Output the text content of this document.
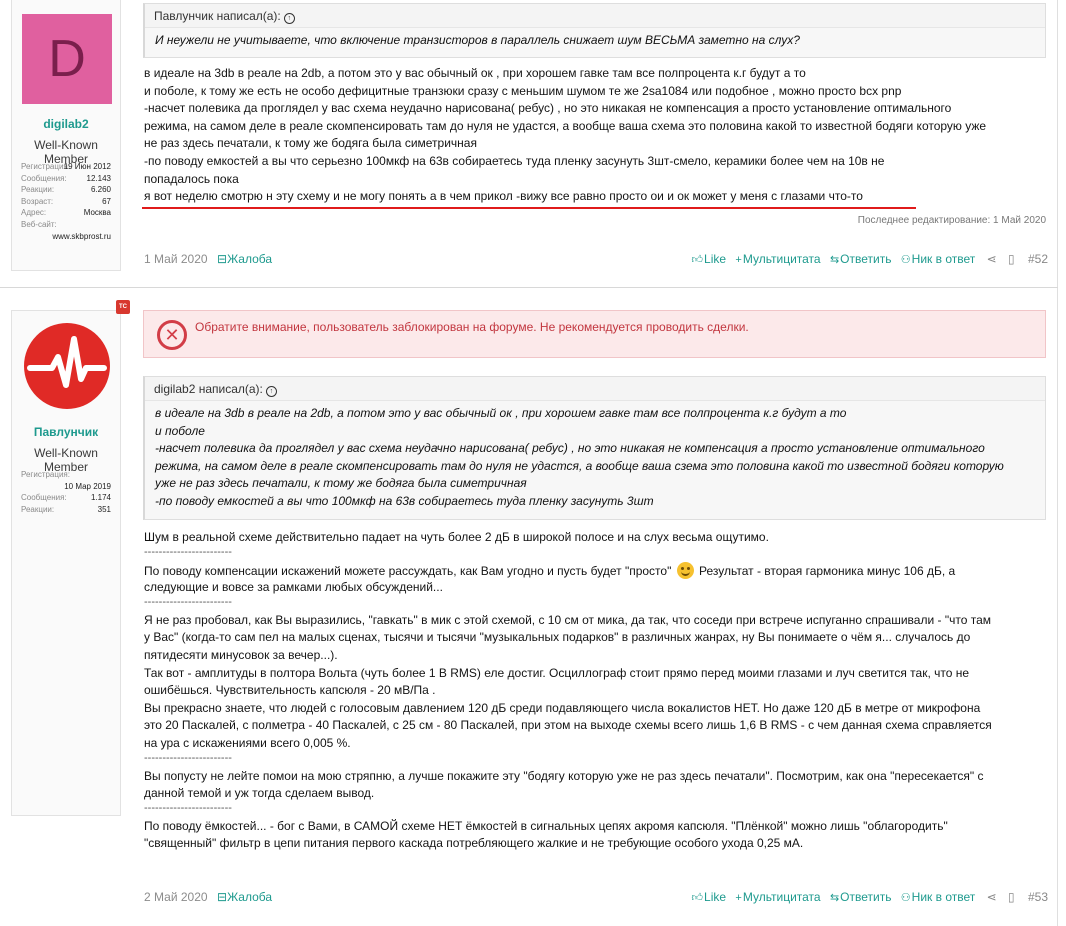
D
digilab2
Well-Known Member
Регистрация:
19 Июн 2012
Сообщения: 12.143
Реакции:	6.260
Возраст:	67
Адрес:	Москва
Веб-сайт:
www.skbprost.ru
Павлунчик написал(а): ↑
И неужели не учитываете, что включение транзисторов в параллель снижает шум ВЕСЬМА заметно на слух?
в идеале на 3db в реале на 2db, а потом это у вас обычный ок , при хорошем гавке там все полпроцента к.г будут а то
и поболе, к тому же есть не особо дефицитные транзюки сразу с меньшим шумом те же 2sa1084 или подобное , можно просто bcx pnp
-насчет полевика да проглядел у вас схема неудачно нарисована( ребус) , но это никакая не компенсация а просто установление оптимального
режима, на самом деле в реале скомпенсировать там до нуля не удастся, а вообще ваша схема это половина какой то известной бодяги которую уже
не раз здесь печатали, к тому же бодяга была симетричная
-по поводу емкостей а вы что серьезно 100мкф на 63в собираетесь туда пленку засунуть 3шт-смело, керамики более чем на 10в не
попадалось пока
я вот неделю смотрю н эту схему и не могу понять а в чем прикол -вижу все равно просто ои и ок может у меня с глазами что-то
Последнее редактирование: 1 Май 2020
1 Май 2020 ⊟Жалоба	👍︎Like +Мультицитата ⇆Ответить ⚇Ник в ответ ⋖ ▯ #52
Павлунчик
Well-Known Member
Регистрация:
10 Мар 2019
Сообщения:	1.174
Реакции:	351
TC
✕	Обратите внимание, пользователь заблокирован на форуме. Не рекомендуется проводить сделки.
digilab2 написал(а): ↑
в идеале на 3db в реале на 2db, а потом это у вас обычный ок , при хорошем гавке там все полпроцента к.г будут а то
и поболе
-насчет полевика да проглядел у вас схема неудачно нарисована( ребус) , но это никакая не компенсация а просто установление оптимального
режима, на самом деле в реале скомпенсировать там до нуля не удастся, а вообще ваша сзема это половина какой то известной бодяги которую
уже не раз здесь печатали, к тому же бодяга была симетричная
-по поводу емкостей а вы что 100мкф на 63в собираетесь туда пленку засунуть 3шт
Шум в реальной схеме действительно падает на чуть более 2 дБ в широкой полосе и на слух весьма ощутимо.
------------------------
По поводу компенсации искажений можете рассуждать, как Вам угодно и пусть будет "просто" Результат - вторая гармоника минус 106 дБ, а
следующие и вовсе за рамками любых обсуждений...
------------------------
Я не раз пробовал, как Вы выразились, "гавкать" в мик с этой схемой, с 10 см от мика, да так, что соседи при встрече испуганно спрашивали - "что там
у Вас" (когда-то сам пел на малых сценах, тысячи и тысячи "музыкальных подарков" в различных жанрах, ну Вы понимаете о чём я... случалось до
пятидесяти минусовок за вечер...).
Так вот - амплитуды в полтора Вольта (чуть более 1 В RMS) еле достиг. Осциллограф стоит прямо перед моими глазами и луч светится так, что не
ошибёшься. Чувствительность капсюля - 20 мВ/Па .
Вы прекрасно знаете, что людей с голосовым давлением 120 дБ среди подавляющего числа вокалистов НЕТ. Но даже 120 дБ в метре от микрофона
это 20 Паскалей, с полметра - 40 Паскалей, с 25 см - 80 Паскалей, при этом на выходе схемы всего лишь 1,6 В RMS - с чем данная схема справляется
на ура с искажениями всего 0,005 %.
------------------------
Вы попусту не лейте помои на мою стряпню, а лучше покажите эту "бодягу которую уже не раз здесь печатали". Посмотрим, как она "пересекается" с
данной темой и уж тогда сделаем вывод.
------------------------
По поводу ёмкостей... - бог с Вами, в САМОЙ схеме НЕТ ёмкостей в сигнальных цепях акромя капсюля. "Плёнкой" можно лишь "облагородить"
"священный" фильтр в цепи питания первого каскада потребляющего жалкие и не требующие особого ухода 0,25 мА.
2 Май 2020 ⊟Жалоба	👍︎Like +Мультицитата ⇆Ответить ⚇Ник в ответ ⋖ ▯ #53
